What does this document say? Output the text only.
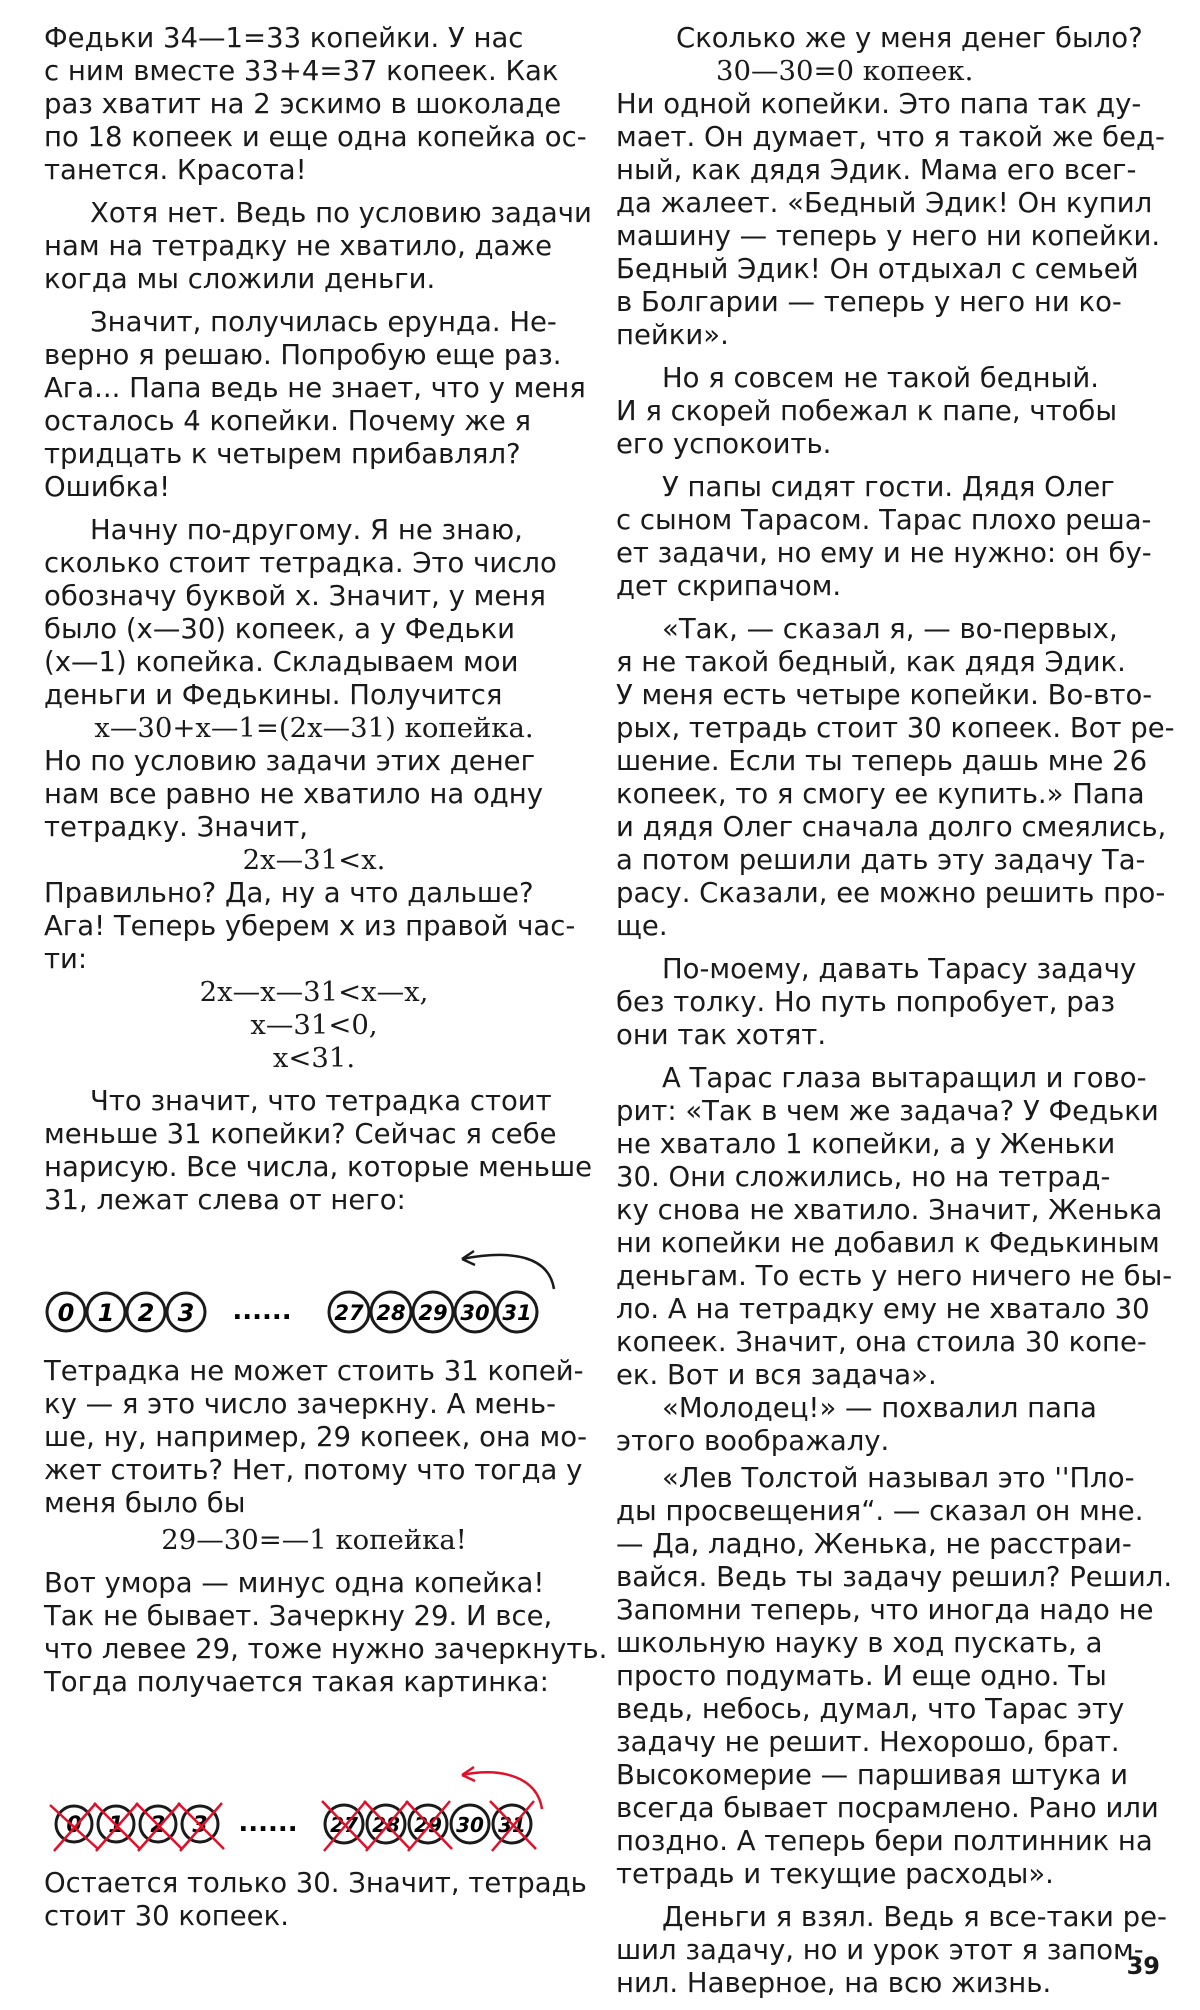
Федьки 34—1=33 копейки. У нас
с ним вместе 33+4=37 копеек. Как
раз хватит на 2 эскимо в шоколаде
по 18 копеек и еще одна копейка ос-
танется. Красота!
Хотя нет. Ведь по условию задачи
нам на тетрадку не хватило, даже
когда мы сложили деньги.
Значит, получилась ерунда. Не-
верно я решаю. Попробую еще раз.
Ага... Папа ведь не знает, что у меня
осталось 4 копейки. Почему же я
тридцать к четырем прибавлял?
Ошибка!
Начну по-другому. Я не знаю,
сколько стоит тетрадка. Это число
обозначу буквой x. Значит, у меня
было (x—30) копеек, а у Федьки
(x—1) копейка. Складываем мои
деньги и Федькины. Получится
x—30+x—1=(2x—31) копейка.
Но по условию задачи этих денег
нам все равно не хватило на одну
тетрадку. Значит,
2x—31<x.
Правильно? Да, ну а что дальше?
Ага! Теперь уберем x из правой час-
ти:
2x—x—31<x—x,
x—31<0,
x<31.
Что значит, что тетрадка стоит
меньше 31 копейки? Сейчас я себе
нарисую. Все числа, которые меньше
31, лежат слева от него:
0 1 2 3 ...... 27 28 29 30 31
Тетрадка не может стоить 31 копей-
ку — я это число зачеркну. А мень-
ше, ну, например, 29 копеек, она мо-
жет стоить? Нет, потому что тогда у
меня было бы
29—30=—1 копейка!
Вот умора — минус одна копейка!
Так не бывает. Зачеркну 29. И все,
что левее 29, тоже нужно зачеркнуть.
Тогда получается такая картинка:
0 1 2 3 ...... 27 28 29 30 31
Остается только 30. Значит, тетрадь
стоит 30 копеек.
Сколько же у меня денег было?
30—30=0 копеек.
Ни одной копейки. Это папа так ду-
мает. Он думает, что я такой же бед-
ный, как дядя Эдик. Мама его всег-
да жалеет. «Бедный Эдик! Он купил
машину — теперь у него ни копейки.
Бедный Эдик! Он отдыхал с семьей
в Болгарии — теперь у него ни ко-
пейки».
Но я совсем не такой бедный.
И я скорей побежал к папе, чтобы
его успокоить.
У папы сидят гости. Дядя Олег
с сыном Тарасом. Тарас плохо реша-
ет задачи, но ему и не нужно: он бу-
дет скрипачом.
«Так, — сказал я, — во-первых,
я не такой бедный, как дядя Эдик.
У меня есть четыре копейки. Во-вто-
рых, тетрадь стоит 30 копеек. Вот ре-
шение. Если ты теперь дашь мне 26
копеек, то я смогу ее купить.» Папа
и дядя Олег сначала долго смеялись,
а потом решили дать эту задачу Та-
расу. Сказали, ее можно решить про-
ще.
По-моему, давать Тарасу задачу
без толку. Но путь попробует, раз
они так хотят.
А Тарас глаза вытаращил и гово-
рит: «Так в чем же задача? У Федьки
не хватало 1 копейки, а у Женьки
30. Они сложились, но на тетрад-
ку снова не хватило. Значит, Женька
ни копейки не добавил к Федькиным
деньгам. То есть у него ничего не бы-
ло. А на тетрадку ему не хватало 30
копеек. Значит, она стоила 30 копе-
ек. Вот и вся задача».
«Молодец!» — похвалил папа
этого воображалу.
«Лев Толстой называл это ''Пло-
ды просвещения“. — сказал он мне.
— Да, ладно, Женька, не расстраи-
вайся. Ведь ты задачу решил? Решил.
Запомни теперь, что иногда надо не
школьную науку в ход пускать, а
просто подумать. И еще одно. Ты
ведь, небось, думал, что Тарас эту
задачу не решит. Нехорошо, брат.
Высокомерие — паршивая штука и
всегда бывает посрамлено. Рано или
поздно. А теперь бери полтинник на
тетрадь и текущие расходы».
Деньги я взял. Ведь я все-таки ре-
шил задачу, но и урок этот я запом-
нил. Наверное, на всю жизнь.
39
